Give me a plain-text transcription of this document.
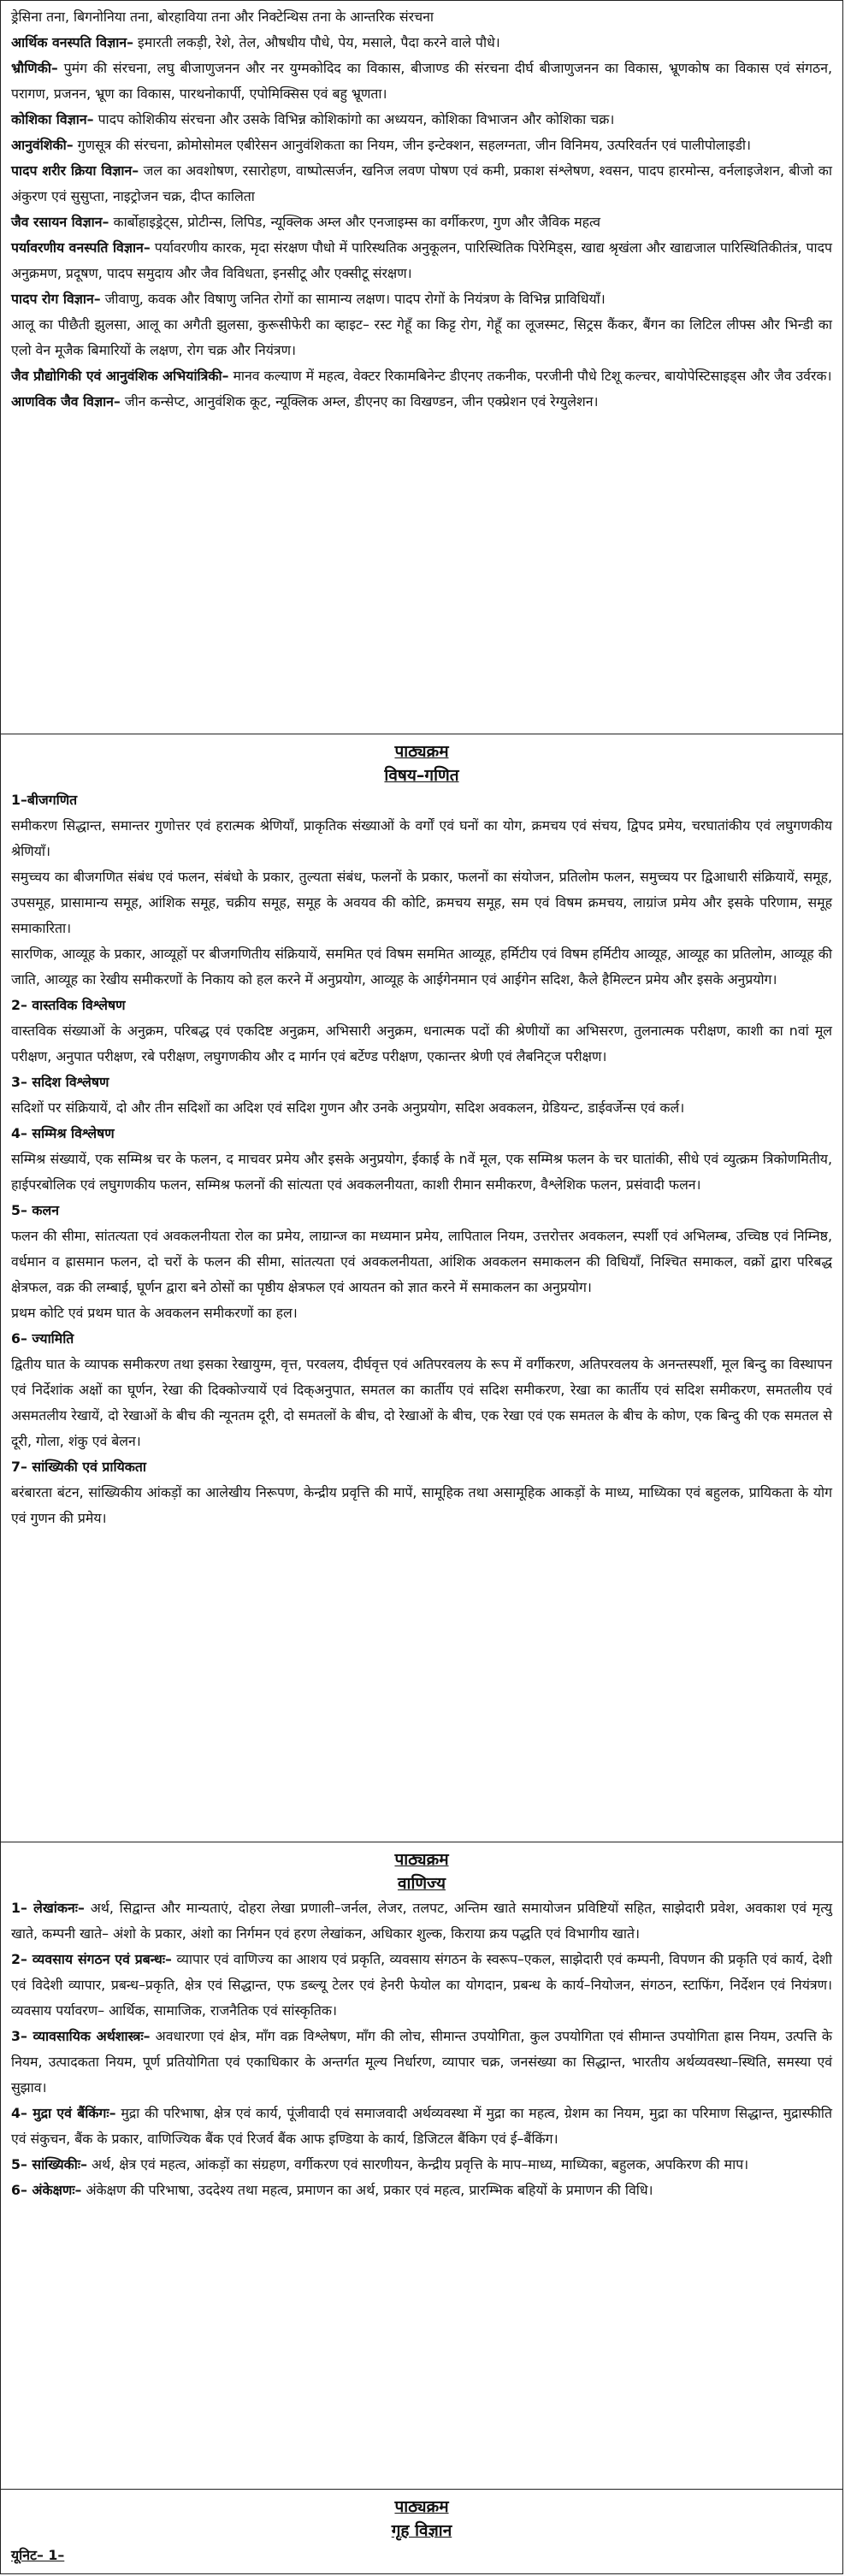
ड्रेसिना तना, बिगनोनिया तना, बोरहाविया तना और निक्टेन्थिस तना के आन्तरिक संरचना

आर्थिक वनस्पति विज्ञान– इमारती लकड़ी, रेशे, तेल, औषधीय पौधे, पेय, मसाले, पैदा करने वाले पौधे।

भ्रौणिकी– पुमंग की संरचना, लघु बीजाणुजनन और नर युग्मकोदिद का विकास, बीजाण्ड की संरचना दीर्घ बीजाणुजनन का विकास, भ्रूणकोष का विकास एवं संगठन, परागण, प्रजनन, भ्रूण का विकास, पारथनोकार्पी, एपोमिक्सिस एवं बहु भ्रूणता।

कोशिका विज्ञान– पादप कोशिकीय संरचना और उसके विभिन्न कोशिकांगो का अध्ययन, कोशिका विभाजन और कोशिका चक्र।

आनुवंशिकी– गुणसूत्र की संरचना, क्रोमोसोमल एबीरेसन आनुवंशिकता का नियम, जीन इन्टेक्शन, सहलग्नता, जीन विनिमय, उत्परिवर्तन एवं पालीपोलाइडी।

पादप शरीर क्रिया विज्ञान– जल का अवशोषण, रसारोहण, वाष्पोत्सर्जन, खनिज लवण पोषण एवं कमी, प्रकाश संश्लेषण, श्वसन, पादप हारमोन्स, वर्नलाइजेशन, बीजो का अंकुरण एवं सुसुप्ता, नाइट्रोजन चक्र, दीप्त कालिता

जैव रसायन विज्ञान– कार्बोहाइड्रेट्स, प्रोटीन्स, लिपिड, न्यूक्लिक अम्ल और एनजाइम्स का वर्गीकरण, गुण और जैविक महत्व

पर्यावरणीय वनस्पति विज्ञान– पर्यावरणीय कारक, मृदा संरक्षण पौधो में पारिस्थतिक अनुकूलन, पारिस्थितिक पिरेमिड्स, खाद्य श्रृखंला और खाद्यजाल पारिस्थितिकीतंत्र, पादप अनुक्रमण, प्रदूषण, पादप समुदाय और जैव विविधता, इनसीटू और एक्सीटू संरक्षण।

पादप रोग विज्ञान– जीवाणु, कवक और विषाणु जनित रोगों का सामान्य लक्षण। पादप रोगों के नियंत्रण के विभिन्न प्राविधियाँ।

आलू का पीछैती झुलसा, आलू का अगैती झुलसा, कुरूसीफेरी का व्हाइट– रस्ट गेहूँ का किट्ट रोग, गेहूँ का लूजस्मट, सिट्रस कैंकर, बैंगन का लिटिल लीफ्स और भिन्डी का एलो वेन मूजैक बिमारियों के लक्षण, रोग चक्र और नियंत्रण।

जैव प्रौद्योगिकी एवं आनुवंशिक अभियांत्रिकी– मानव कल्याण में महत्व, वेक्टर रिकामबिनेन्ट डीएनए तकनीक, परजीनी पौधे टिशू कल्चर, बायोपेस्टिसाइड्स और जैव उर्वरक।

आणविक जैव विज्ञान– जीन कन्सेप्ट, आनुवंशिक कूट, न्यूक्लिक अम्ल, डीएनए का विखण्डन, जीन एक्प्रेशन एवं रेग्युलेशन।

पाठ्यक्रम
विषय–गणित

1–बीजगणित

समीकरण सिद्धान्त, समान्तर गुणोत्तर एवं हरात्मक श्रेणियाँ, प्राकृतिक संख्याओं के वर्गों एवं घनों का योग, क्रमचय एवं संचय, द्विपद प्रमेय, चरघातांकीय एवं लघुगणकीय श्रेणियाँ।

समुच्चय का बीजगणित संबंध एवं फलन, संबंधो के प्रकार, तुल्यता संबंध, फलनों के प्रकार, फलनों का संयोजन, प्रतिलोम फलन, समुच्चय पर द्विआधारी संक्रियायें, समूह, उपसमूह, प्रासामान्य समूह, आंशिक समूह, चक्रीय समूह, समूह के अवयव की कोटि, क्रमचय समूह, सम एवं विषम क्रमचय, लाग्रांज प्रमेय और इसके परिणाम, समूह समाकारिता।

सारणिक, आव्यूह के प्रकार, आव्यूहों पर बीजगणितीय संक्रियायें, सममित एवं विषम सममित आव्यूह, हर्मिटीय एवं विषम हर्मिटीय आव्यूह, आव्यूह का प्रतिलोम, आव्यूह की जाति, आव्यूह का रेखीय समीकरणों के निकाय को हल करने में अनुप्रयोग, आव्यूह के आईगेनमान एवं आईगेन सदिश, कैले हैमिल्टन प्रमेय और इसके अनुप्रयोग।

2– वास्तविक विश्लेषण

वास्तविक संख्याओं के अनुक्रम, परिबद्ध एवं एकदिष्ट अनुक्रम, अभिसारी अनुक्रम, धनात्मक पदों की श्रेणीयों का अभिसरण, तुलनात्मक परीक्षण, काशी का nवां मूल परीक्षण, अनुपात परीक्षण, रबे परीक्षण, लघुगणकीय और द मार्गन एवं बर्टेण्ड परीक्षण, एकान्तर श्रेणी एवं लैबनिट्ज परीक्षण।

3– सदिश विश्लेषण

सदिशों पर संक्रियायें, दो और तीन सदिशों का अदिश एवं सदिश गुणन और उनके अनुप्रयोग, सदिश अवकलन, ग्रेडियन्ट, डाईवर्जेन्स एवं कर्ल।

4– सम्मिश्र विश्लेषण

सम्मिश्र संख्यायें, एक सम्मिश्र चर के फलन, द माचवर प्रमेय और इसके अनुप्रयोग, ईकाई के nवें मूल, एक सम्मिश्र फलन के चर घातांकी, सीधे एवं व्युत्क्रम त्रिकोणमितीय, हाईपरबोलिक एवं लघुगणकीय फलन, सम्मिश्र फलनों की सांत्यता एवं अवकलनीयता, काशी रीमान समीकरण, वैश्लेशिक फलन, प्रसंवादी फलन।

5– कलन

फलन की सीमा, सांतत्यता एवं अवकलनीयता रोल का प्रमेय, लाग्रान्ज का मध्यमान प्रमेय, लापिताल नियम, उत्तरोत्तर अवकलन, स्पर्शी एवं अभिलम्ब, उच्चिष्ठ एवं निम्निष्ठ, वर्धमान व ह्रासमान फलन, दो चरों के फलन की सीमा, सांतत्यता एवं अवकलनीयता, आंशिक अवकलन समाकलन की विधियाँ, निश्चित समाकल, वक्रों द्वारा परिबद्ध क्षेत्रफल, वक्र की लम्बाई, घूर्णन द्वारा बने ठोसों का पृष्ठीय क्षेत्रफल एवं आयतन को ज्ञात करने में समाकलन का अनुप्रयोग।

प्रथम कोटि एवं प्रथम घात के अवकलन समीकरणों का हल।

6– ज्यामिति

द्वितीय घात के व्यापक समीकरण तथा इसका रेखायुग्म, वृत्त, परवलय, दीर्घवृत्त एवं अतिपरवलय के रूप में वर्गीकरण, अतिपरवलय के अनन्तस्पर्शी, मूल बिन्दु का विस्थापन एवं निर्देशांक अक्षों का घूर्णन, रेखा की दिक्कोज्यायें एवं दिक्अनुपात, समतल का कार्तीय एवं सदिश समीकरण, रेखा का कार्तीय एवं सदिश समीकरण, समतलीय एवं असमतलीय रेखायें, दो रेखाओं के बीच की न्यूनतम दूरी, दो समतलों के बीच, दो रेखाओं के बीच, एक रेखा एवं एक समतल के बीच के कोण, एक बिन्दु की एक समतल से दूरी, गोला, शंकु एवं बेलन।

7– सांख्यिकी एवं प्रायिकता

बरंबारता बंटन, सांख्यिकीय आंकड़ों का आलेखीय निरूपण, केन्द्रीय प्रवृत्ति की मापें, सामूहिक तथा असामूहिक आकड़ों के माध्य, माध्यिका एवं बहुलक, प्रायिकता के योग एवं गुणन की प्रमेय।

पाठ्यक्रम
वाणिज्य

1– लेखांकनः– अर्थ, सिद्वान्त और मान्यताएं, दोहरा लेखा प्रणाली–जर्नल, लेजर, तलपट, अन्तिम खाते समायोजन प्रविष्टियों सहित, साझेदारी प्रवेश, अवकाश एवं मृत्यु खाते, कम्पनी खाते– अंशो के प्रकार, अंशो का निर्गमन एवं हरण लेखांकन, अधिकार शुल्क, किराया क्रय पद्धति एवं विभागीय खाते।

2– व्यवसाय संगठन एवं प्रबन्धः– व्यापार एवं वाणिज्य का आशय एवं प्रकृति, व्यवसाय संगठन के स्वरूप–एकल, साझेदारी एवं कम्पनी, विपणन की प्रकृति एवं कार्य, देशी एवं विदेशी व्यापार, प्रबन्ध–प्रकृति, क्षेत्र एवं सिद्धान्त, एफ डब्ल्यू टेलर एवं हेनरी फेयोल का योगदान, प्रबन्ध के कार्य–नियोजन, संगठन, स्टाफिंग, निर्देशन एवं नियंत्रण। व्यवसाय पर्यावरण– आर्थिक, सामाजिक, राजनैतिक एवं सांस्कृतिक।

3– व्यावसायिक अर्थशास्त्रः– अवधारणा एवं क्षेत्र, माँग वक्र विश्लेषण, माँग की लोच, सीमान्त उपयोगिता, कुल उपयोगिता एवं सीमान्त उपयोगिता ह्रास नियम, उत्पत्ति के नियम, उत्पादकता नियम, पूर्ण प्रतियोगिता एवं एकाधिकार के अन्तर्गत मूल्य निर्धारण, व्यापार चक्र, जनसंख्या का सिद्धान्त, भारतीय अर्थव्यवस्था–स्थिति, समस्या एवं सुझाव।

4– मुद्रा एवं बैंकिंगः– मुद्रा की परिभाषा, क्षेत्र एवं कार्य, पूंजीवादी एवं समाजवादी अर्थव्यवस्था में मुद्रा का महत्व, ग्रेशम का नियम, मुद्रा का परिमाण सिद्धान्त, मुद्रास्फीति एवं संकुचन, बैंक के प्रकार, वाणिज्यिक बैंक एवं रिजर्व बैंक आफ इण्डिया के कार्य, डिजिटल बैंकिग एवं ई–बैंकिंग।

5– सांख्यिकीः– अर्थ, क्षेत्र एवं महत्व, आंकड़ों का संग्रहण, वर्गीकरण एवं सारणीयन, केन्द्रीय प्रवृत्ति के माप–माध्य, माध्यिका, बहुलक, अपकिरण की माप।

6– अंकेक्षणः– अंकेक्षण की परिभाषा, उददेश्य तथा महत्व, प्रमाणन का अर्थ, प्रकार एवं महत्व, प्रारम्भिक बहियों के प्रमाणन की विधि।

पाठ्यक्रम
गृह विज्ञान

यूनिट– 1–
